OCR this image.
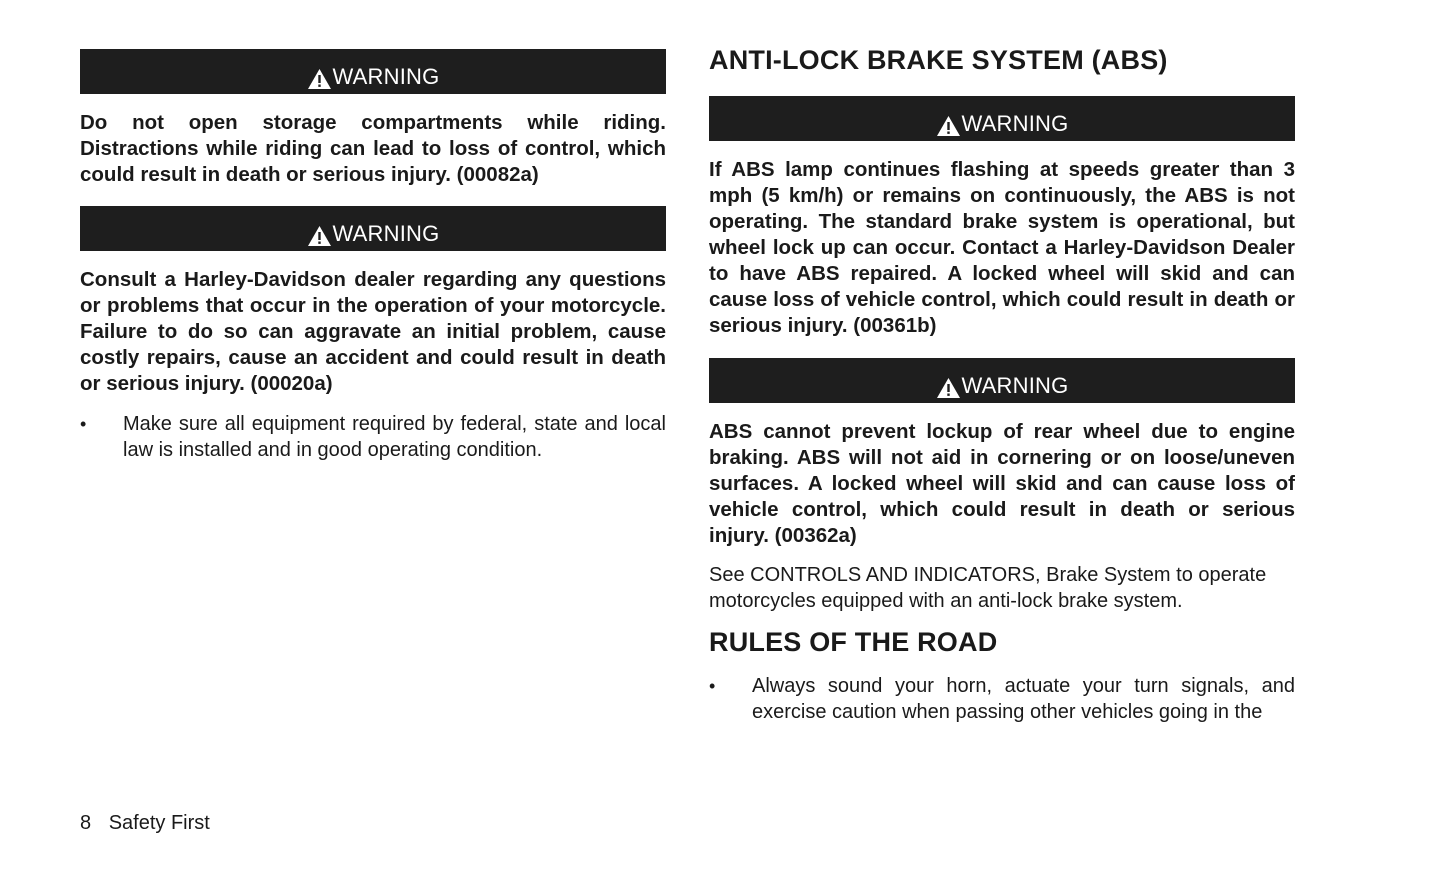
WARNING

Do not open storage compartments while riding. Distractions while riding can lead to loss of control, which could result in death or serious injury. (00082a)

WARNING

Consult a Harley-Davidson dealer regarding any questions or problems that occur in the operation of your motorcycle. Failure to do so can aggravate an initial problem, cause costly repairs, cause an accident and could result in death or serious injury. (00020a)

• Make sure all equipment required by federal, state and local law is installed and in good operating condition.
ANTI-LOCK BRAKE SYSTEM (ABS)
WARNING

If ABS lamp continues flashing at speeds greater than 3 mph (5 km/h) or remains on continuously, the ABS is not operating. The standard brake system is operational, but wheel lock up can occur. Contact a Harley-Davidson Dealer to have ABS repaired. A locked wheel will skid and can cause loss of vehicle control, which could result in death or serious injury. (00361b)

WARNING

ABS cannot prevent lockup of rear wheel due to engine braking. ABS will not aid in cornering or on loose/uneven surfaces. A locked wheel will skid and can cause loss of vehicle control, which could result in death or serious injury. (00362a)

See CONTROLS AND INDICATORS, Brake System to operate motorcycles equipped with an anti-lock brake system.

RULES OF THE ROAD
• Always sound your horn, actuate your turn signals, and exercise caution when passing other vehicles going in the
8 Safety First
